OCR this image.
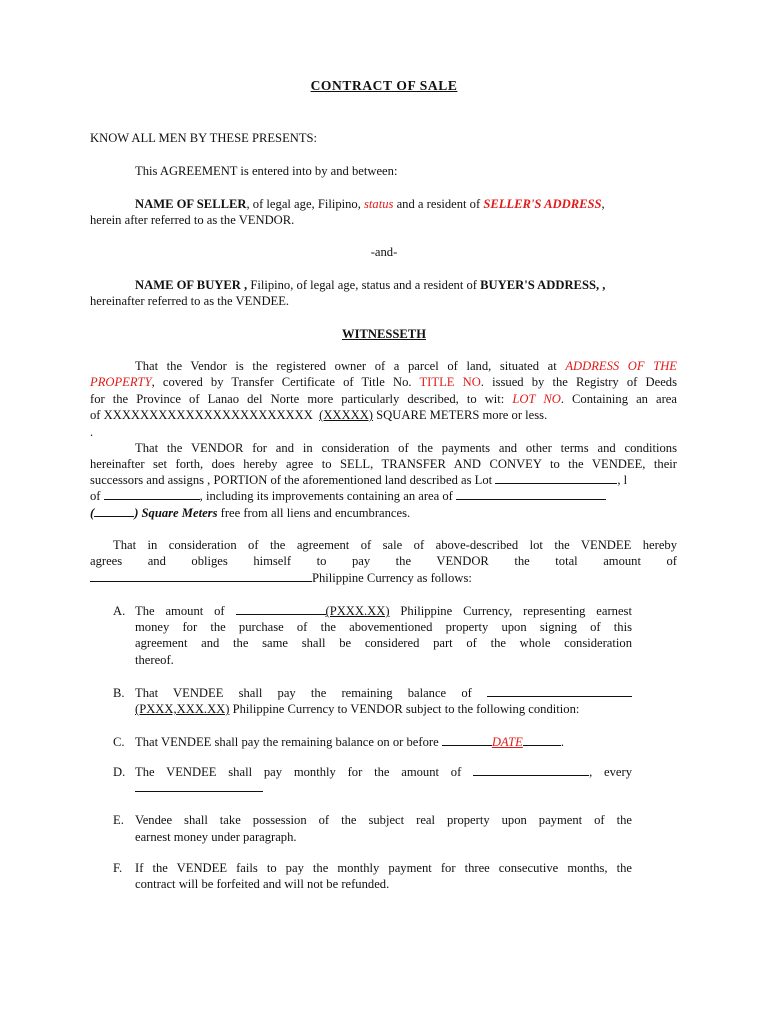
CONTRACT OF SALE
KNOW ALL MEN BY THESE PRESENTS:
This AGREEMENT is entered into by and between:
NAME OF SELLER, of legal age, Filipino, status and a resident of SELLER'S ADDRESS,
herein after referred to as the VENDOR.
-and-
NAME OF BUYER , Filipino, of legal age, status and a resident of BUYER'S ADDRESS, ,
hereinafter referred to as the VENDEE.
WITNESSETH
That the Vendor is the registered owner of a parcel of land, situated at ADDRESS OF THE
PROPERTY, covered by Transfer Certificate of Title No. TITLE NO. issued by the Registry of Deeds
for the Province of Lanao del Norte more particularly described, to wit: LOT NO. Containing an area
of XXXXXXXXXXXXXXXXXXXXXXX (XXXXX) SQUARE METERS more or less.
.
That the VENDOR for and in consideration of the payments and other terms and conditions
hereinafter set forth, does hereby agree to SELL, TRANSFER AND CONVEY to the VENDEE, their
successors and assigns , PORTION of the aforementioned land described as Lot	, l
of	, including its improvements containing an area of
(	) Square Meters free from all liens and encumbrances.
That in consideration of the agreement of sale of above-described lot the VENDEE hereby
agrees and obliges himself to pay the VENDOR the total amount of
Philippine Currency as follows:
A. The amount of	(PXXX.XX) Philippine Currency, representing earnest
money for the purchase of the abovementioned property upon signing of this
agreement and the same shall be considered part of the whole consideration
thereof.
B. That VENDEE shall pay the remaining balance of
(PXXX,XXX.XX) Philippine Currency to VENDOR subject to the following condition:
C. That VENDEE shall pay the remaining balance on or before	DATE	.
D. The VENDEE shall pay monthly for the amount of	, every
E. Vendee shall take possession of the subject real property upon payment of the
earnest money under paragraph.
F. If the VENDEE fails to pay the monthly payment for three consecutive months, the
contract will be forfeited and will not be refunded.
